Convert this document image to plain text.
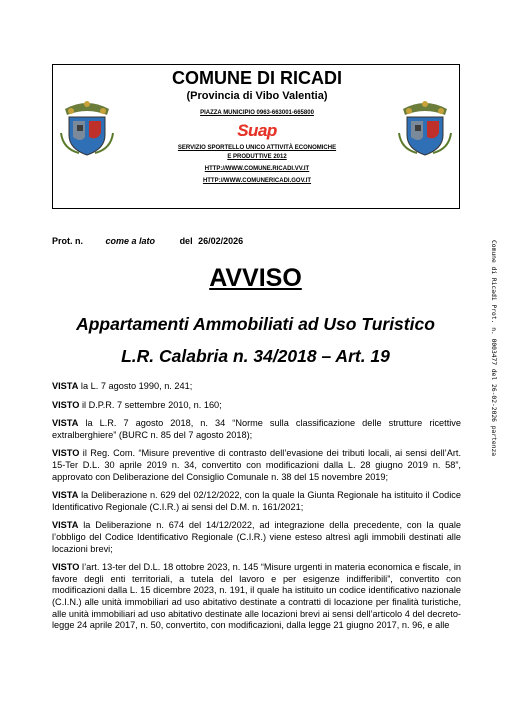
COMUNE DI RICADI
(Provincia di Vibo Valentia)
PIAZZA MUNICIPIO 0963-663001-665800
Suap
SERVIZIO SPORTELLO UNICO ATTIVITÀ ECONOMICHE
E PRODUTTIVE 2012
HTTP://WWW.COMUNE.RICADI.VV.IT
HTTP://WWW.COMUNERICADI.GOV.IT
Prot. n.	come a lato	del 26/02/2026
AVVISO
Appartamenti Ammobiliati ad Uso Turistico
L.R. Calabria n. 34/2018 – Art. 19

VISTA la L. 7 agosto 1990, n. 241;

VISTO il D.P.R. 7 settembre 2010, n. 160;

VISTA la L.R. 7 agosto 2018, n. 34 “Norme sulla classificazione delle strutture ricettive extralberghiere” (BURC n. 85 del 7 agosto 2018);

VISTO il Reg. Com. “Misure preventive di contrasto dell’evasione dei tributi locali, ai sensi dell’Art. 15-Ter D.L. 30 aprile 2019 n. 34, convertito con modificazioni dalla L. 28 giugno 2019 n. 58”, approvato con Deliberazione del Consiglio Comunale n. 38 del 15 novembre 2019;

VISTA la Deliberazione n. 629 del 02/12/2022, con la quale la Giunta Regionale ha istituito il Codice Identificativo Regionale (C.I.R.) ai sensi del D.M. n. 161/2021;

VISTA la Deliberazione n. 674 del 14/12/2022, ad integrazione della precedente, con la quale l’obbligo del Codice Identificativo Regionale (C.I.R.) viene esteso altresì agli immobili destinati alle locazioni brevi;

VISTO l’art. 13-ter del D.L. 18 ottobre 2023, n. 145 “Misure urgenti in materia economica e fiscale, in favore degli enti territoriali, a tutela del lavoro e per esigenze indifferibili”, convertito con modificazioni dalla L. 15 dicembre 2023, n. 191, il quale ha istituito un codice identificativo nazionale (C.I.N.) alle unità immobiliari ad uso abitativo destinate a contratti di locazione per finalità turistiche, alle unità immobiliari ad uso abitativo destinate alle locazioni brevi ai sensi dell’articolo 4 del decreto-legge 24 aprile 2017, n. 50, convertito, con modificazioni, dalla legge 21 giugno 2017, n. 96, e alle

Comune di Ricadi Prot. n. 0003477 del 26-02-2026 partenza
